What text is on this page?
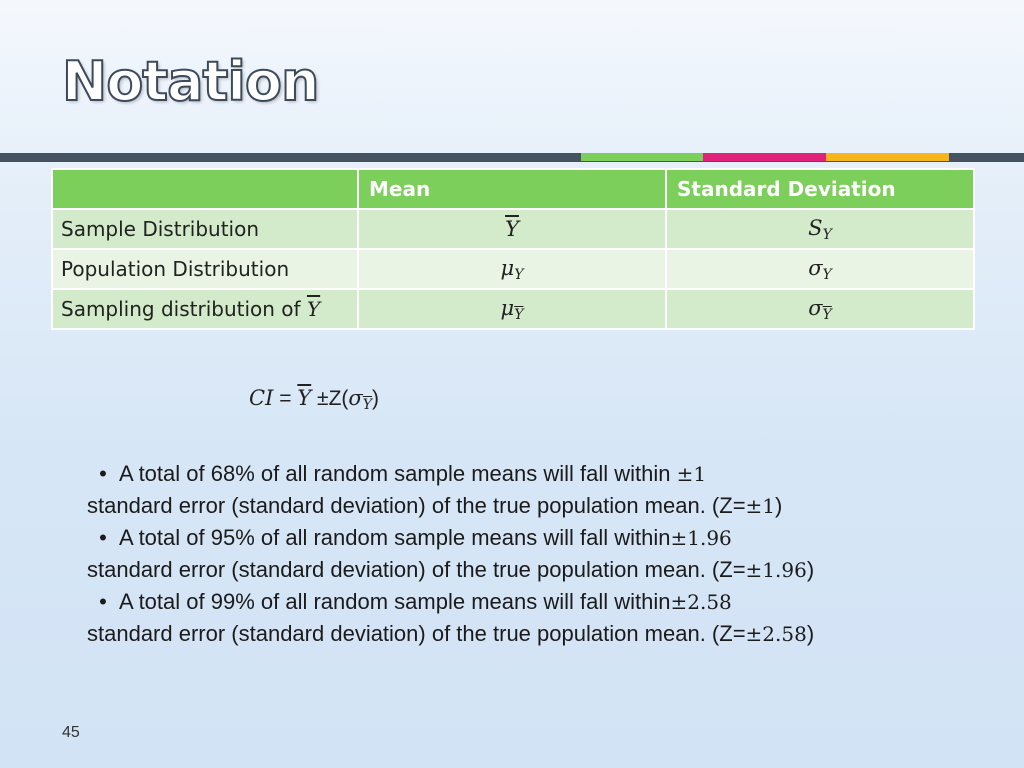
Notation
	Mean	Standard Deviation
Sample Distribution	$\overline{Y}$	$S_Y$
Population Distribution	$\mu_Y$	$\sigma_Y$
Sampling distribution of $\overline{Y}$	$\mu_{\overline{Y}}$	$\sigma_{\overline{Y}}$
CI = $\overline{Y} \pm Z(\sigma_{\overline{Y}})$

• A total of 68% of all random sample means will fall within ±1
standard error (standard deviation) of the true population mean. (Z=±1)

• A total of 95% of all random sample means will fall within±1.96
standard error (standard deviation) of the true population mean. (Z=±1.96)

• A total of 99% of all random sample means will fall within±2.58
standard error (standard deviation) of the true population mean. (Z=±2.58)

45
